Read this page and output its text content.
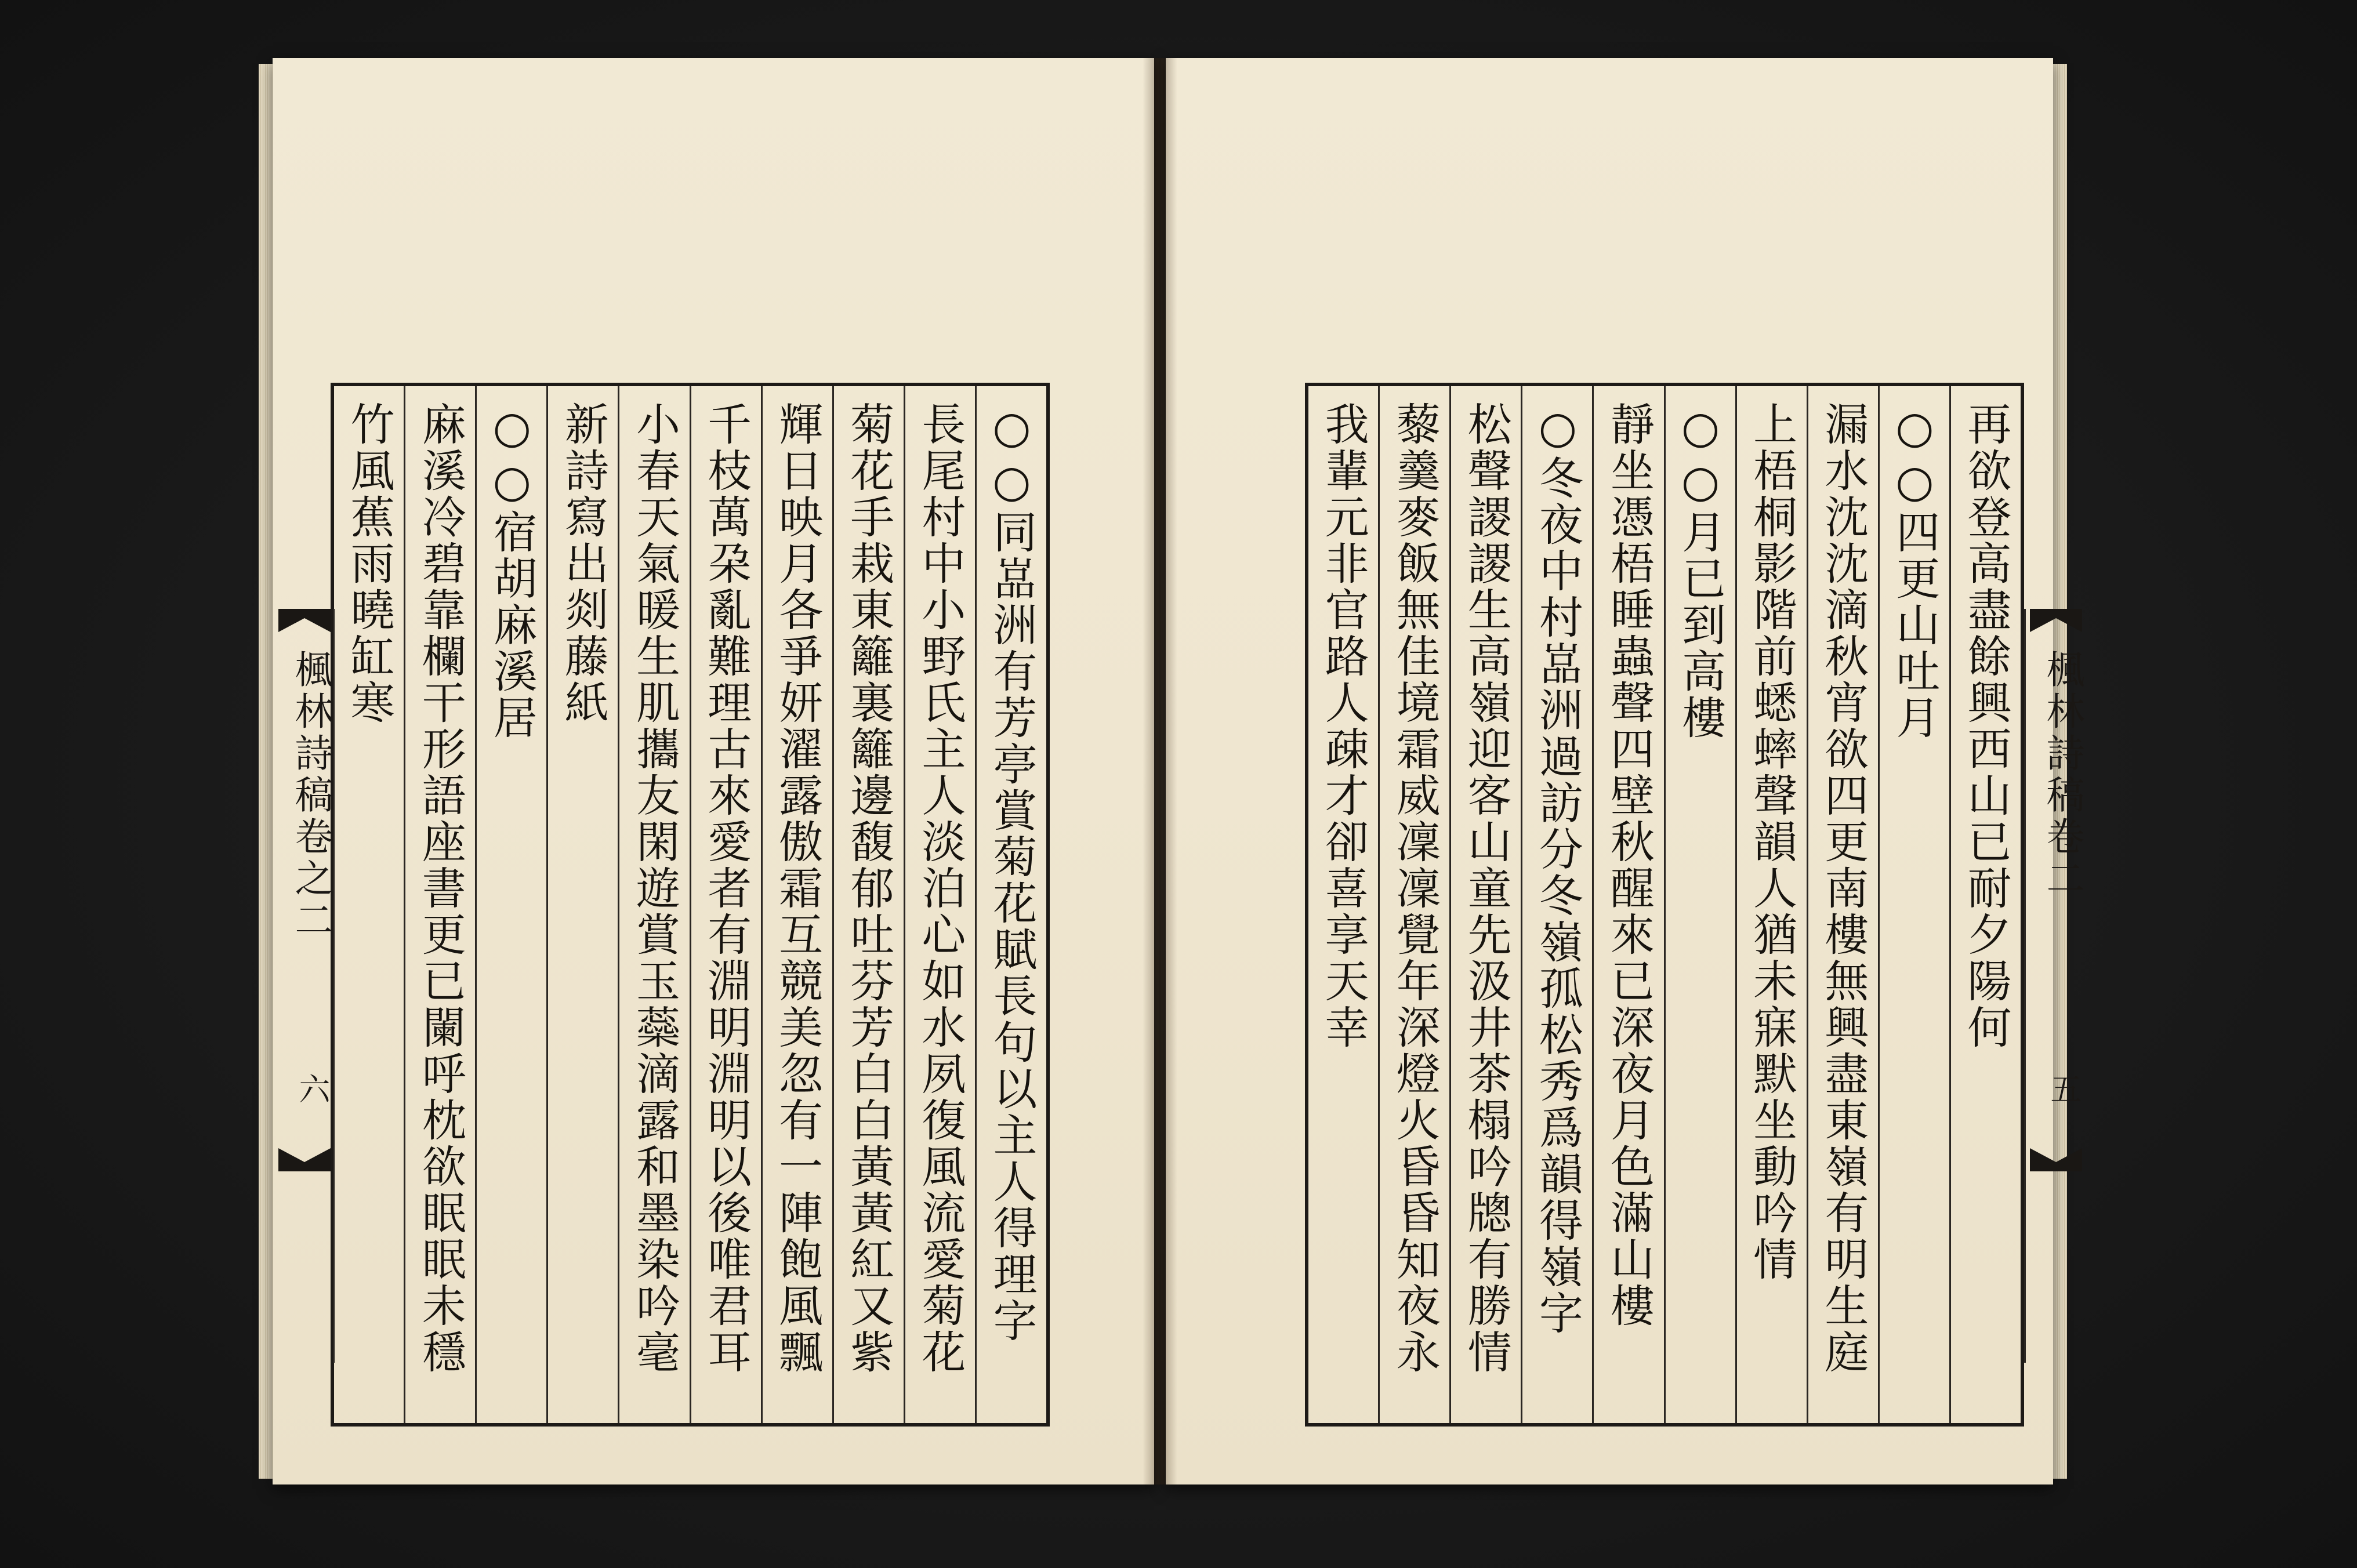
○○同嵓洲有芳亭賞菊花賦長句以主人得理字
長尾村中小野氏主人淡泊心如水夙復風流愛菊花
菊花手栽東籬裏籬邊馥郁吐芬芳白白黃黃紅又紫
輝日映月各爭妍濯露傲霜互競美忽有一陣飽風飄
千枝萬朶亂難理古來愛者有淵明淵明以後唯君耳
小春天氣暖生肌攜友閑遊賞玉蘂滴露和墨染吟毫
新詩寫出剡藤紙
○○宿胡麻溪居
麻溪冷碧靠欄干形語座書更已闌呼枕欲眠眠未穩
竹風蕉雨曉缸寒
楓林詩稿卷之二
六
再欲登高盡餘興西山已耐夕陽何
○○四更山吐月
漏水沈沈滴秋宵欲四更南樓無興盡東嶺有明生庭
上梧桐影階前蟋蟀聲韻人猶未寐默坐動吟情
○○月已到高樓
靜坐憑梧睡蟲聲四壁秋醒來已深夜月色滿山樓
○冬夜中村嵓洲過訪分冬嶺孤松秀爲韻得嶺字
松聲謖謖生高嶺迎客山童先汲井茶榻吟牕有勝情
藜羹麥飯無佳境霜威凜凜覺年深燈火昏昏知夜永
我輩元非官路人疎才卻喜享天幸	楓林詩稿卷二
五
